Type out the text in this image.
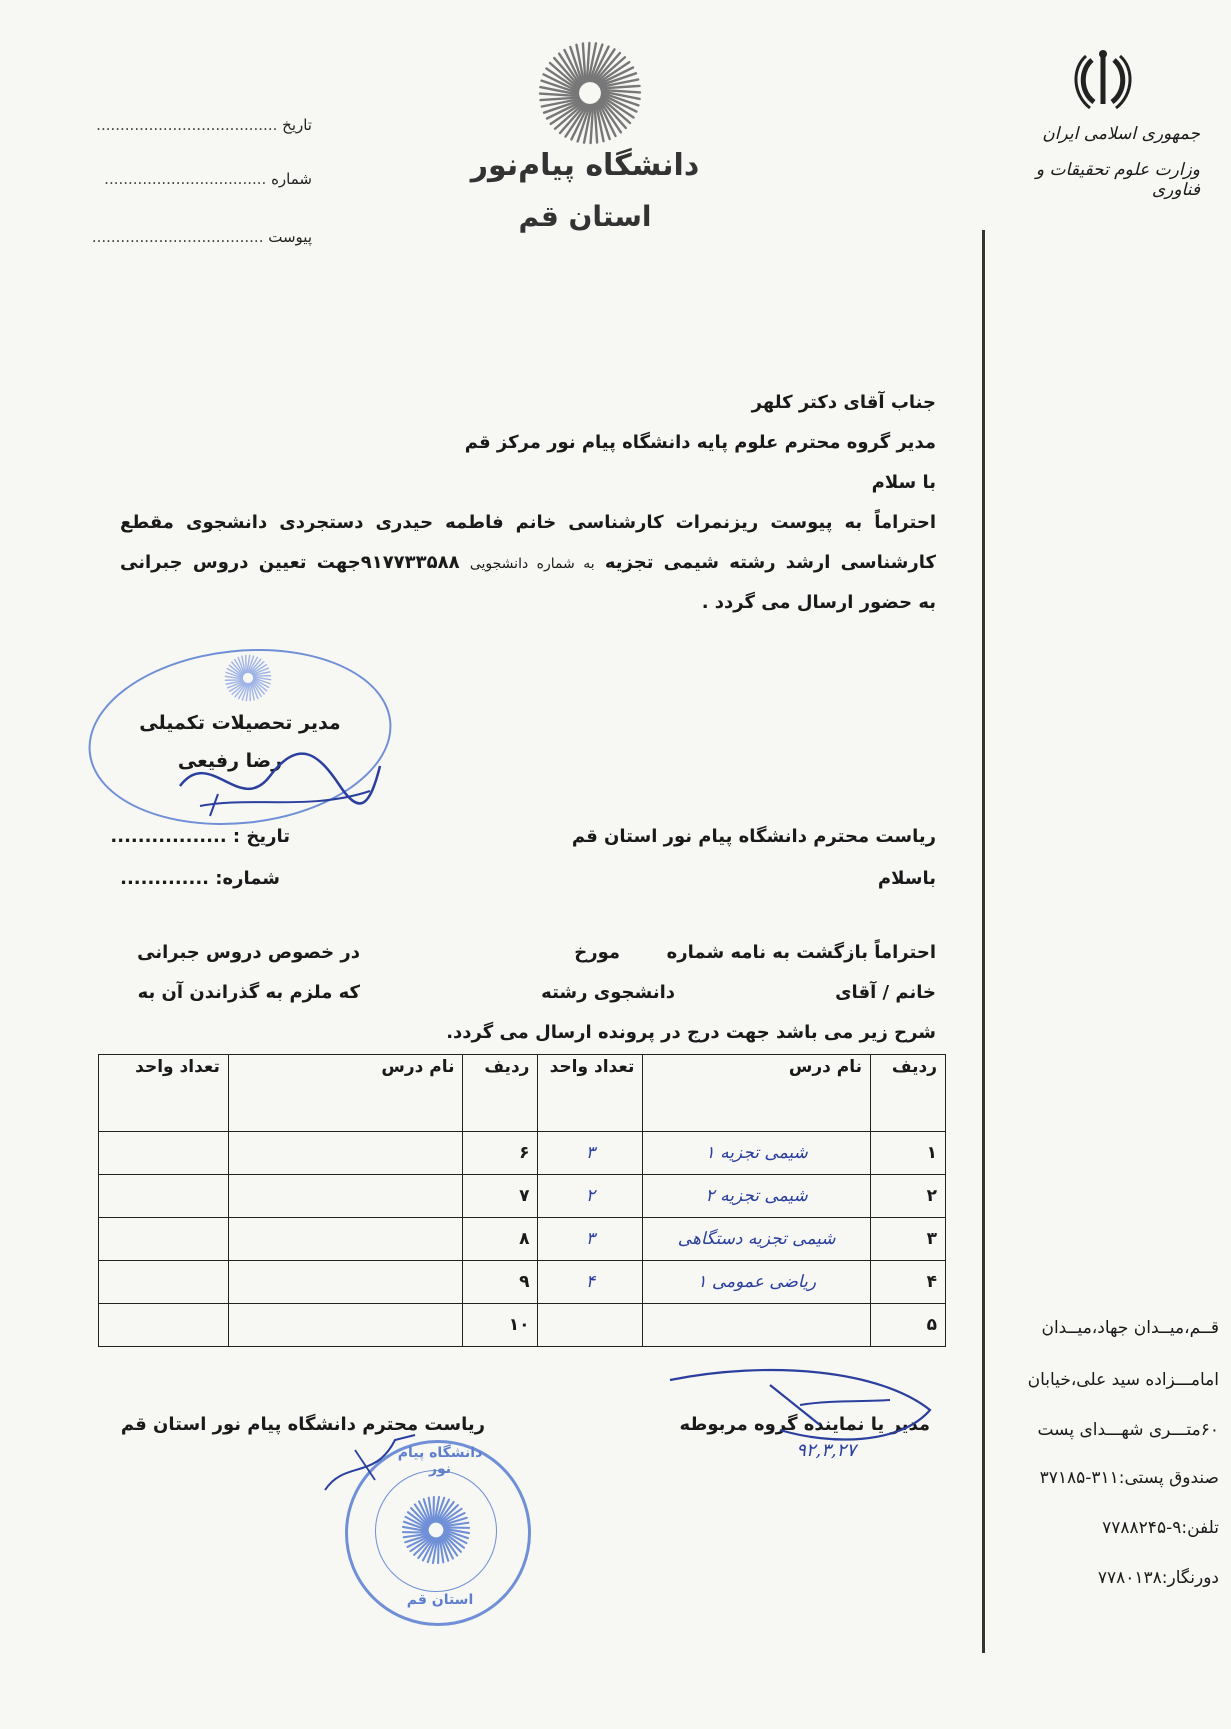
تاریخ ......................................
شماره ..................................
پیوست ....................................
دانشگاه پیام‌نور
استان قم
جمهوری اسلامی ایران
وزارت علوم تحقیقات و فناوری
جناب آقای دکتر کلهر
مدیر گروه محترم علوم پایه دانشگاه پیام نور مرکز قم
با سلام
احتراماً به پیوست ریزنمرات کارشناسی خانم فاطمه حیدری دستجردی دانشجوی مقطع
کارشناسی ارشد رشته شیمی تجزیه به شماره دانشجویی ۹۱۷۷۳۳۵۸۸جهت تعیین دروس جبرانی
به حضور ارسال می گردد .
مدیر تحصیلات تکمیلی
رضا رفیعی
تاریخ : .................
شماره: .............
ریاست محترم دانشگاه پیام نور استان قم
باسلام
احتراماً بازگشت به نامه شماره
مورخ
در خصوص دروس جبرانی
خانم / آقای
دانشجوی رشته
که ملزم به گذراندن آن به
شرح زیر می باشد جهت درج در پرونده ارسال می گردد.
ردیف	نام درس	تعداد واحد	ردیف	نام درس	تعداد واحد
۱	شیمی تجزیه ۱	۳	۶		
۲	شیمی تجزیه ۲	۲	۷		
۳	شیمی تجزیه دستگاهی	۳	۸		
۴	ریاضی عمومی ۱	۴	۹		
۵			۱۰		
مدیر یا نماینده گروه مربوطه
۹۲,۳,۲۷
ریاست محترم دانشگاه پیام نور استان قم
دانشگاه پیام نور
استان قم
قــم،میــدان جهاد،میــدان
امامـــزاده سید علی،خیابان
۶۰متـــری شهـــدای پست
صندوق پستی:۳۱۱-۳۷۱۸۵
تلفن:۹-۷۷۸۸۲۴۵
دورنگار:۷۷۸۰۱۳۸
